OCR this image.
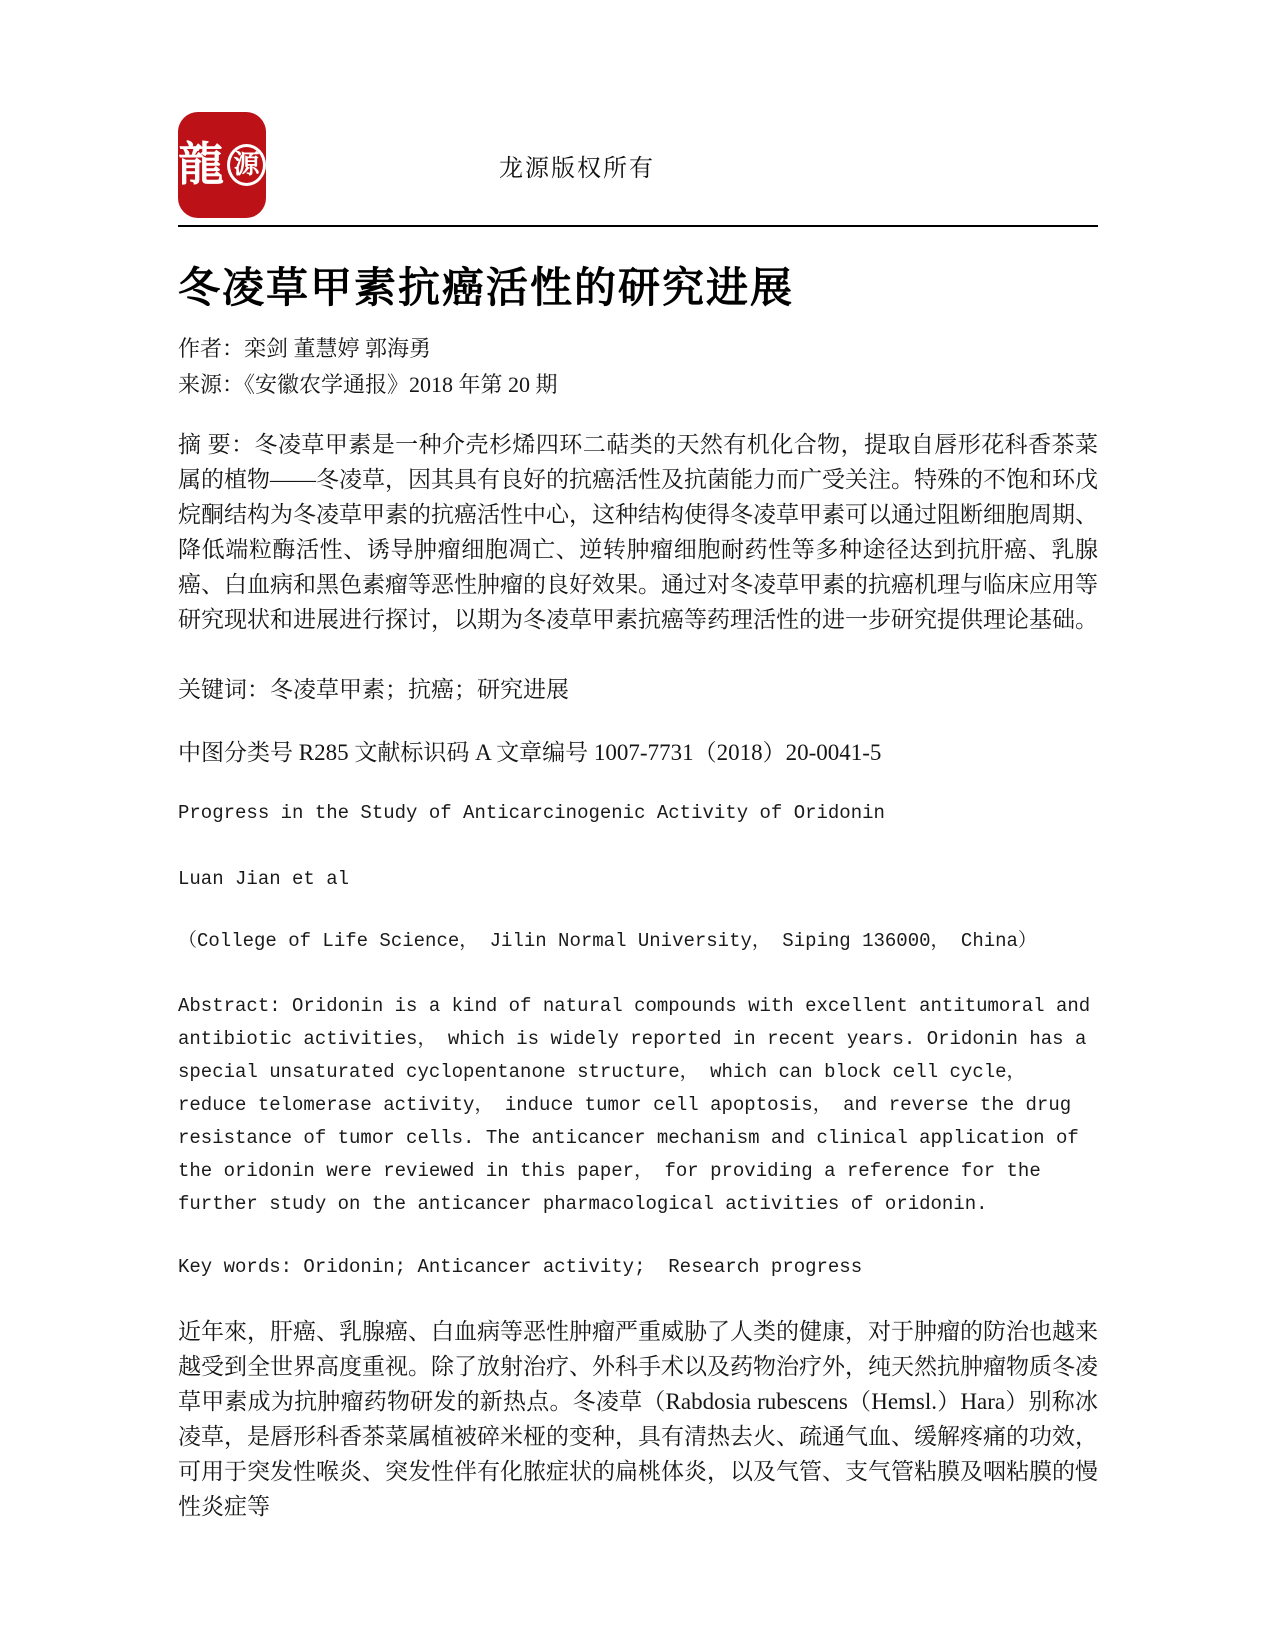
龍 源	龙源版权所有
冬凌草甲素抗癌活性的研究进展

作者：栾剑 董慧婷 郭海勇

来源：《安徽农学通报》2018 年第 20 期

摘 要：冬凌草甲素是一种介壳杉烯四环二萜类的天然有机化合物，提取自唇形花科香茶菜属的植物——冬凌草，因其具有良好的抗癌活性及抗菌能力而广受关注。特殊的不饱和环戊烷酮结构为冬凌草甲素的抗癌活性中心，这种结构使得冬凌草甲素可以通过阻断细胞周期、降低端粒酶活性、诱导肿瘤细胞凋亡、逆转肿瘤细胞耐药性等多种途径达到抗肝癌、乳腺癌、白血病和黑色素瘤等恶性肿瘤的良好效果。通过对冬凌草甲素的抗癌机理与临床应用等研究现状和进展进行探讨，以期为冬凌草甲素抗癌等药理活性的进一步研究提供理论基础。

关键词：冬凌草甲素；抗癌；研究进展

中图分类号 R285 文献标识码 A 文章编号 1007-7731（2018）20-0041-5

Progress in the Study of Anticarcinogenic Activity of Oridonin

Luan Jian et al

（College of Life Science， Jilin Normal University， Siping 136000， China）

Abstract: Oridonin is a kind of natural compounds with excellent antitumoral and antibiotic activities， which is widely reported in recent years. Oridonin has a special unsaturated cyclopentanone structure， which can block cell cycle， reduce telomerase activity， induce tumor cell apoptosis， and reverse the drug resistance of tumor cells. The anticancer mechanism and clinical application of the oridonin were reviewed in this paper， for providing a reference for the further study on the anticancer pharmacological activities of oridonin.

Key words: Oridonin; Anticancer activity;  Research progress

近年來，肝癌、乳腺癌、白血病等恶性肿瘤严重威胁了人类的健康，对于肿瘤的防治也越来越受到全世界高度重视。除了放射治疗、外科手术以及药物治疗外，纯天然抗肿瘤物质冬凌草甲素成为抗肿瘤药物研发的新热点。冬凌草（Rabdosia rubescens（Hemsl.）Hara）别称冰凌草，是唇形科香茶菜属植被碎米桠的变种，具有清热去火、疏通气血、缓解疼痛的功效，可用于突发性喉炎、突发性伴有化脓症状的扁桃体炎，以及气管、支气管粘膜及咽粘膜的慢性炎症等
